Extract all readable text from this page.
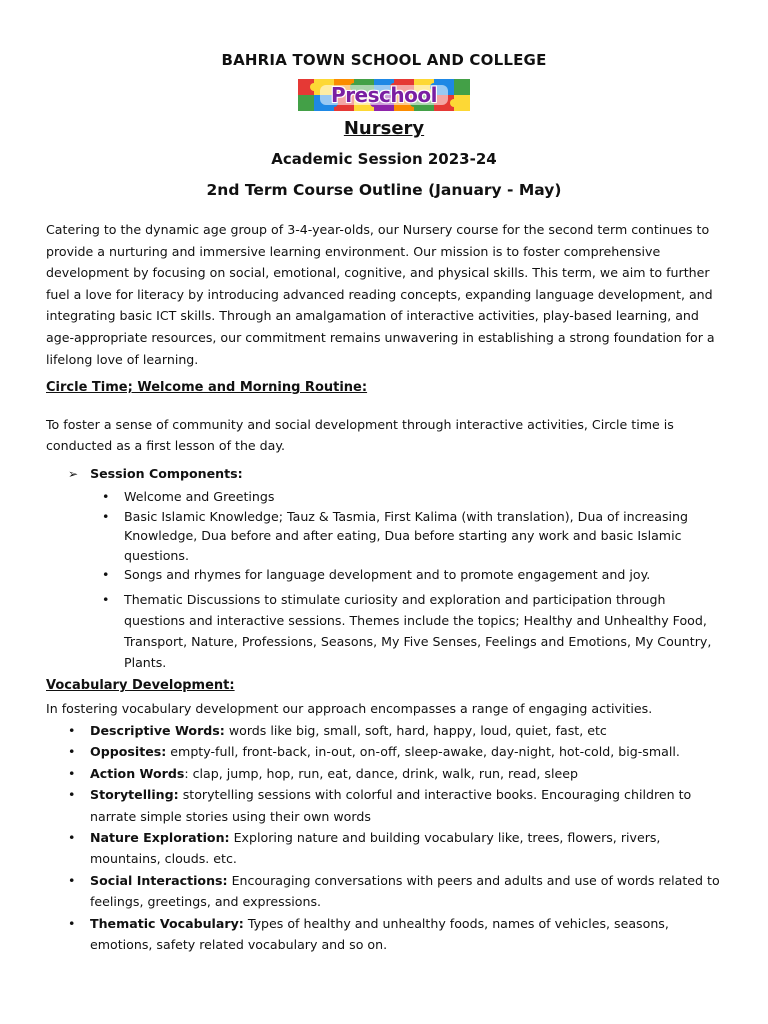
BAHRIA TOWN SCHOOL AND COLLEGE
Preschool
Nursery
Academic Session 2023-24
2nd Term Course Outline (January - May)
Catering to the dynamic age group of 3-4-year-olds, our Nursery course for the second term continues to provide a nurturing and immersive learning environment. Our mission is to foster comprehensive development by focusing on social, emotional, cognitive, and physical skills. This term, we aim to further fuel a love for literacy by introducing advanced reading concepts, expanding language development, and integrating basic ICT skills. Through an amalgamation of interactive activities, play-based learning, and age-appropriate resources, our commitment remains unwavering in establishing a strong foundation for a lifelong love of learning.
Circle Time; Welcome and Morning Routine:
To foster a sense of community and social development through interactive activities, Circle time is conducted as a first lesson of the day.
➢ Session Components:
• Welcome and Greetings
• Basic Islamic Knowledge; Tauz & Tasmia, First Kalima (with translation), Dua of increasing Knowledge, Dua before and after eating, Dua before starting any work and basic Islamic questions.
• Songs and rhymes for language development and to promote engagement and joy.
• Thematic Discussions to stimulate curiosity and exploration and participation through questions and interactive sessions. Themes include the topics; Healthy and Unhealthy Food, Transport, Nature, Professions, Seasons, My Five Senses, Feelings and Emotions, My Country, Plants.
Vocabulary Development:
In fostering vocabulary development our approach encompasses a range of engaging activities.
• Descriptive Words: words like big, small, soft, hard, happy, loud, quiet, fast, etc
• Opposites: empty-full, front-back, in-out, on-off, sleep-awake, day-night, hot-cold, big-small.
• Action Words: clap, jump, hop, run, eat, dance, drink, walk, run, read, sleep
• Storytelling: storytelling sessions with colorful and interactive books. Encouraging children to narrate simple stories using their own words
• Nature Exploration: Exploring nature and building vocabulary like, trees, flowers, rivers, mountains, clouds. etc.
• Social Interactions: Encouraging conversations with peers and adults and use of words related to feelings, greetings, and expressions.
• Thematic Vocabulary: Types of healthy and unhealthy foods, names of vehicles, seasons, emotions, safety related vocabulary and so on.
